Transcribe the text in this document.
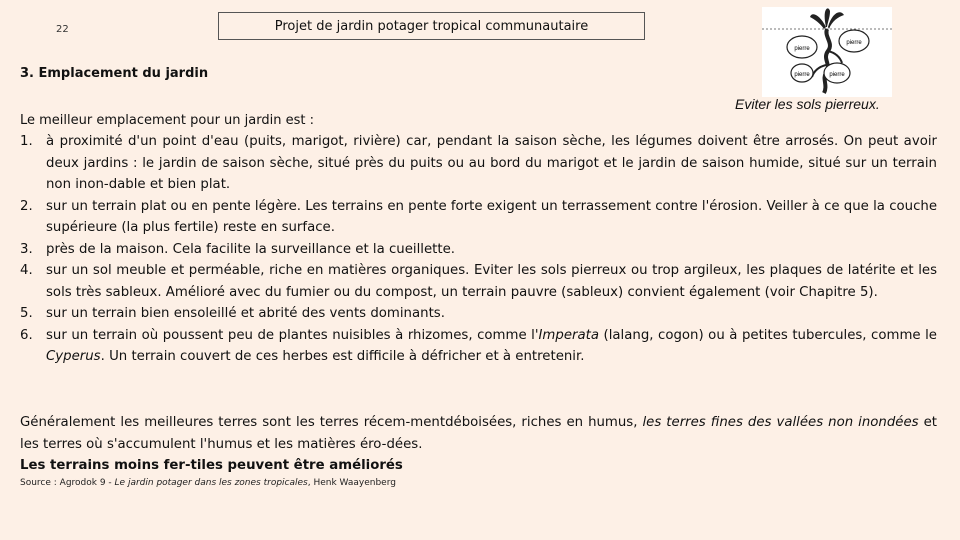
22	Projet de jardin potager tropical communautaire
pierre
pierre
pierre	pierre
3. Emplacement du jardin
Eviter les sols pierreux.
Le meilleur emplacement pour un jardin est :
1. à proximité d'un point d'eau (puits, marigot, rivière) car, pendant la saison sèche, les légumes doivent être arrosés. On peut avoir deux jardins : le jardin de saison sèche, situé près du puits ou au bord du marigot et le jardin de saison humide, situé sur un terrain non inon-dable et bien plat.
2. sur un terrain plat ou en pente légère. Les terrains en pente forte exigent un terrassement contre l'érosion. Veiller à ce que la couche supérieure (la plus fertile) reste en surface.
3. près de la maison. Cela facilite la surveillance et la cueillette.
4. sur un sol meuble et perméable, riche en matières organiques. Eviter les sols pierreux ou trop argileux, les plaques de latérite et les sols très sableux. Amélioré avec du fumier ou du compost, un terrain pauvre (sableux) convient également (voir Chapitre 5).
5. sur un terrain bien ensoleillé et abrité des vents dominants.
6. sur un terrain où poussent peu de plantes nuisibles à rhizomes, comme l'Imperata (lalang, cogon) ou à petites tubercules, comme le Cyperus. Un terrain couvert de ces herbes est difficile à défricher et à entretenir.
Généralement les meilleures terres sont les terres récem-mentdéboisées, riches en humus, les terres fines des vallées non inondées et les terres où s'accumulent l'humus et les matières éro-dées.
Les terrains moins fer-tiles peuvent être améliorés
Source : Agrodok 9 - Le jardin potager dans les zones tropicales, Henk Waayenberg
